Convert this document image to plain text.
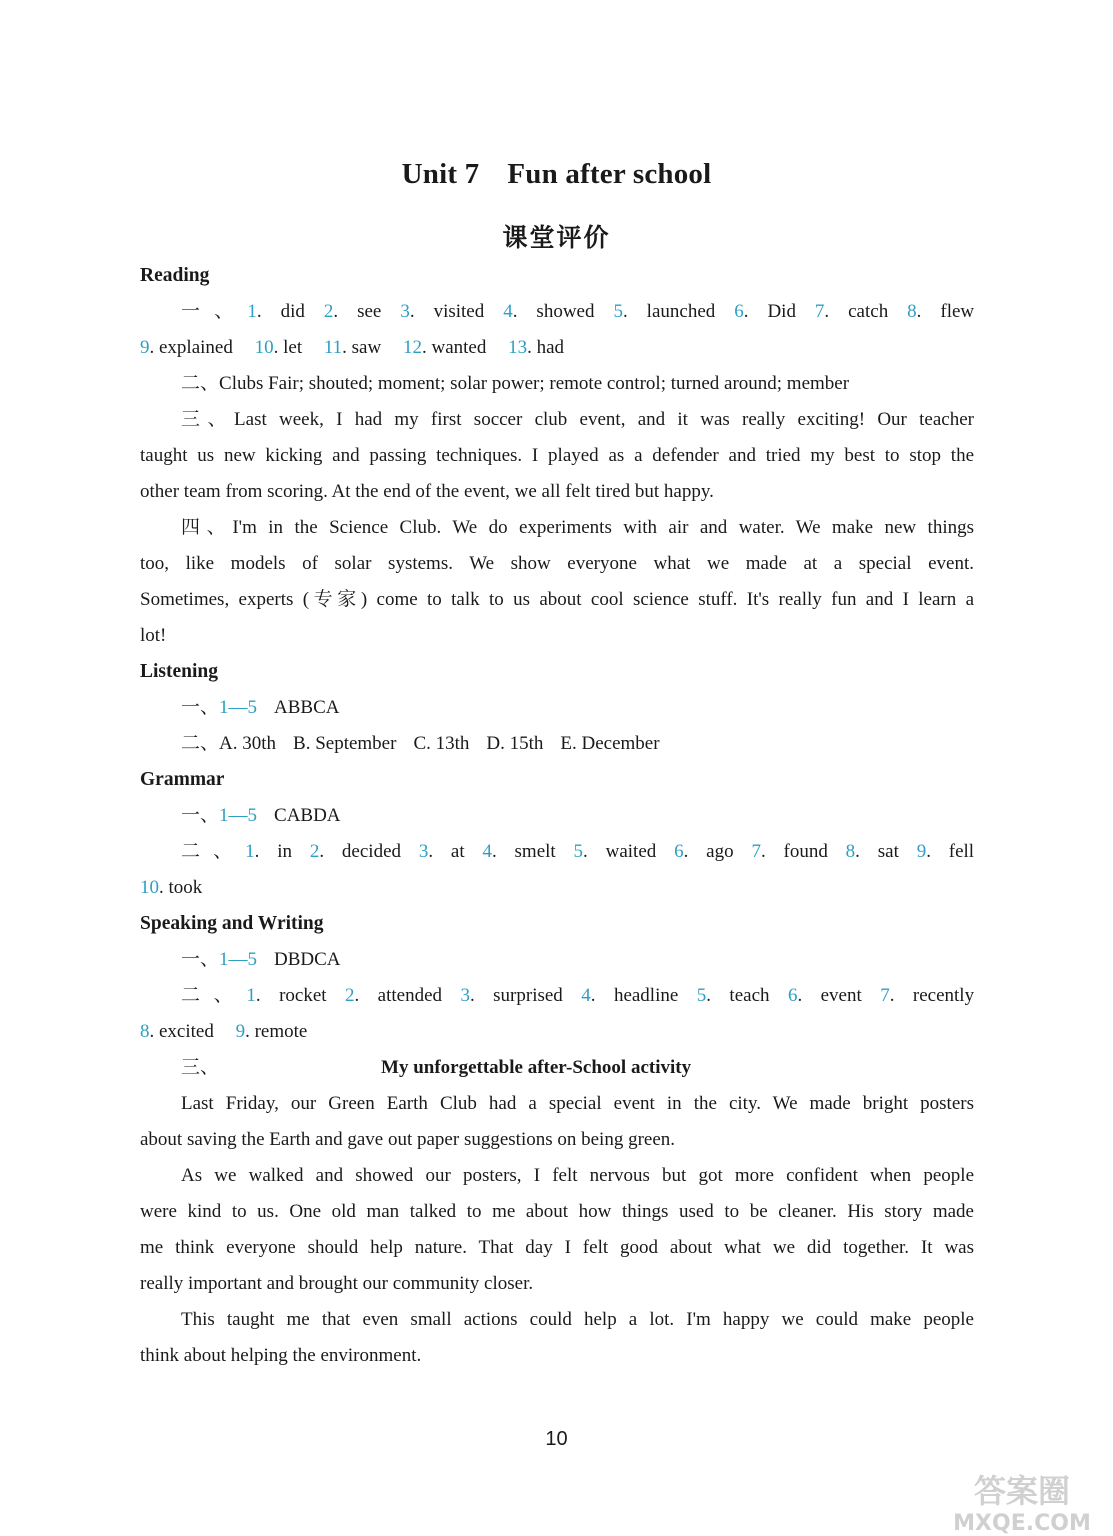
Unit 7 Fun after school
课堂评价
Reading
一、1. did 2. see 3. visited 4. showed 5. launched 6. Did 7. catch 8. flew
9. explained 10. let 11. saw 12. wanted 13. had
二、Clubs Fair; shouted; moment; solar power; remote control; turned around; member
三、Last week, I had my first soccer club event, and it was really exciting! Our teacher
taught us new kicking and passing techniques. I played as a defender and tried my best to stop the
other team from scoring. At the end of the event, we all felt tired but happy.
四、I'm in the Science Club. We do experiments with air and water. We make new things
too, like models of solar systems. We show everyone what we made at a special event.
Sometimes, experts (专家) come to talk to us about cool science stuff. It's really fun and I learn a
lot!
Listening
一、1—5 ABBCA
二、A. 30th B. September C. 13th D. 15th E. December
Grammar
一、1—5 CABDA
二、1. in 2. decided 3. at 4. smelt 5. waited 6. ago 7. found 8. sat 9. fell
10. took
Speaking and Writing
一、1—5 DBDCA
二、1. rocket 2. attended 3. surprised 4. headline 5. teach 6. event 7. recently
8. excited 9. remote
三、	My unforgettable after-School activity
Last Friday, our Green Earth Club had a special event in the city. We made bright posters
about saving the Earth and gave out paper suggestions on being green.
As we walked and showed our posters, I felt nervous but got more confident when people
were kind to us. One old man talked to me about how things used to be cleaner. His story made
me think everyone should help nature. That day I felt good about what we did together. It was
really important and brought our community closer.
This taught me that even small actions could help a lot. I'm happy we could make people
think about helping the environment.
10
答案圈
MXQE.COM
